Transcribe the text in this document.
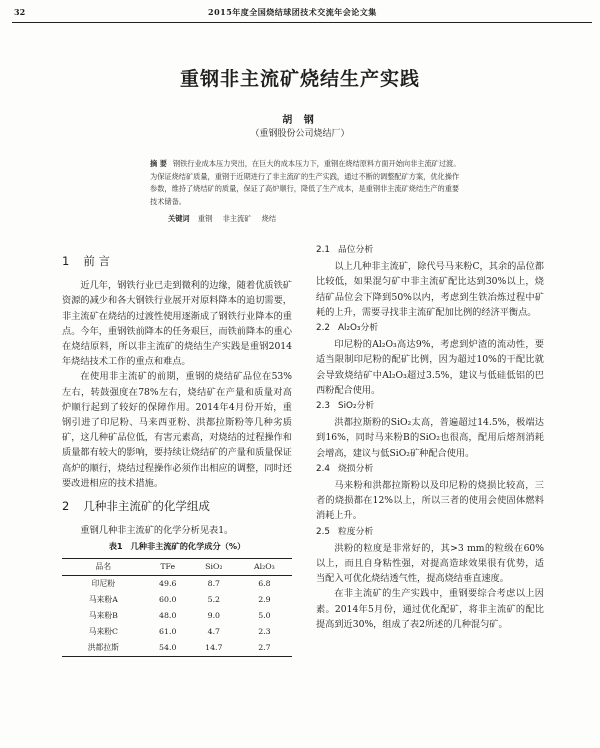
32	2015年度全国烧结球团技术交流年会论文集
重钢非主流矿烧结生产实践
胡 钢
（重钢股份公司烧结厂）
摘 要 钢铁行业成本压力突出，在巨大的成本压力下，重钢在烧结原料方面开始向非主流矿过渡。为保证烧结矿质量，重钢于近期进行了非主流矿的生产实践，通过不断的调整配矿方案，优化操作参数，维持了烧结矿的质量，保证了高炉顺行，降低了生产成本，是重钢非主流矿烧结生产的重要技术储备。
关键词 重钢 非主流矿 烧结
1 前 言

近几年，钢铁行业已走到微利的边缘，随着优质铁矿资源的减少和各大钢铁行业展开对原料降本的追切需要，非主流矿在烧结的过渡性使用逐渐成了钢铁行业降本的重点。今年，重钢铁前降本的任务艰巨，而铁前降本的重心在烧结原料，所以非主流矿的烧结生产实践是重钢2014年烧结技术工作的重点和难点。

在使用非主流矿的前期，重钢的烧结矿品位在53%左右，转鼓强度在78%左右，烧结矿在产量和质量对高炉顺行起到了较好的保障作用。2014年4月份开始，重钢引进了印尼粉、马来西亚粉、洪都拉斯粉等几种劣质矿，这几种矿品位低，有害元素高，对烧结的过程操作和质量都有较大的影响，要持续让烧结矿的产量和质量保证高炉的顺行，烧结过程操作必须作出相应的调整，同时还要改进相应的技术措施。

2 几种非主流矿的化学组成
重钢几种非主流矿的化学分析见表1。
表1 几种非主流矿的化学成分（%）
品名	TFe	SiO₂	Al₂O₃
印尼粉	49.6	8.7	6.8
马来粉A	60.0	5.2	2.9
马来粉B	48.0	9.0	5.0
马来粉C	61.0	4.7	2.3
洪都拉斯	54.0	14.7	2.7
2.1 品位分析

以上几种非主流矿，除代号马来粉C，其余的品位都比较低，如果混匀矿中非主流矿配比达到30%以上，烧结矿品位会下降到50%以内，考虑到生铁冶炼过程中矿耗的上升，需要寻找非主流矿配加比例的经济平衡点。

2.2 Al₂O₃分析

印尼粉的Al₂O₃高达9%，考虑到炉渣的流动性，要适当限制印尼粉的配矿比例，因为超过10%的干配比就会导致烧结矿中Al₂O₃超过3.5%，建议与低硅低铝的巴西粉配合使用。

2.3 SiO₂分析

洪都拉斯粉的SiO₂太高，普遍超过14.5%，极端达到16%，同时马来粉B的SiO₂也很高，配用后熔剂消耗会增高，建议与低SiO₂矿种配合使用。

2.4 烧损分析

马来粉和洪都拉斯粉以及印尼粉的烧损比较高，三者的烧损都在12%以上，所以三者的使用会使固体燃料消耗上升。

2.5 粒度分析

洪粉的粒度是非常好的，其>3 mm的粒级在60%以上，而且自身粘性强，对提高造球效果很有优势，适当配入可优化烧结透气性，提高烧结垂直速度。

在非主流矿的生产实践中，重钢要综合考虑以上因素。2014年5月份，通过优化配矿，将非主流矿的配比提高到近30%，组成了表2所述的几种混匀矿。
